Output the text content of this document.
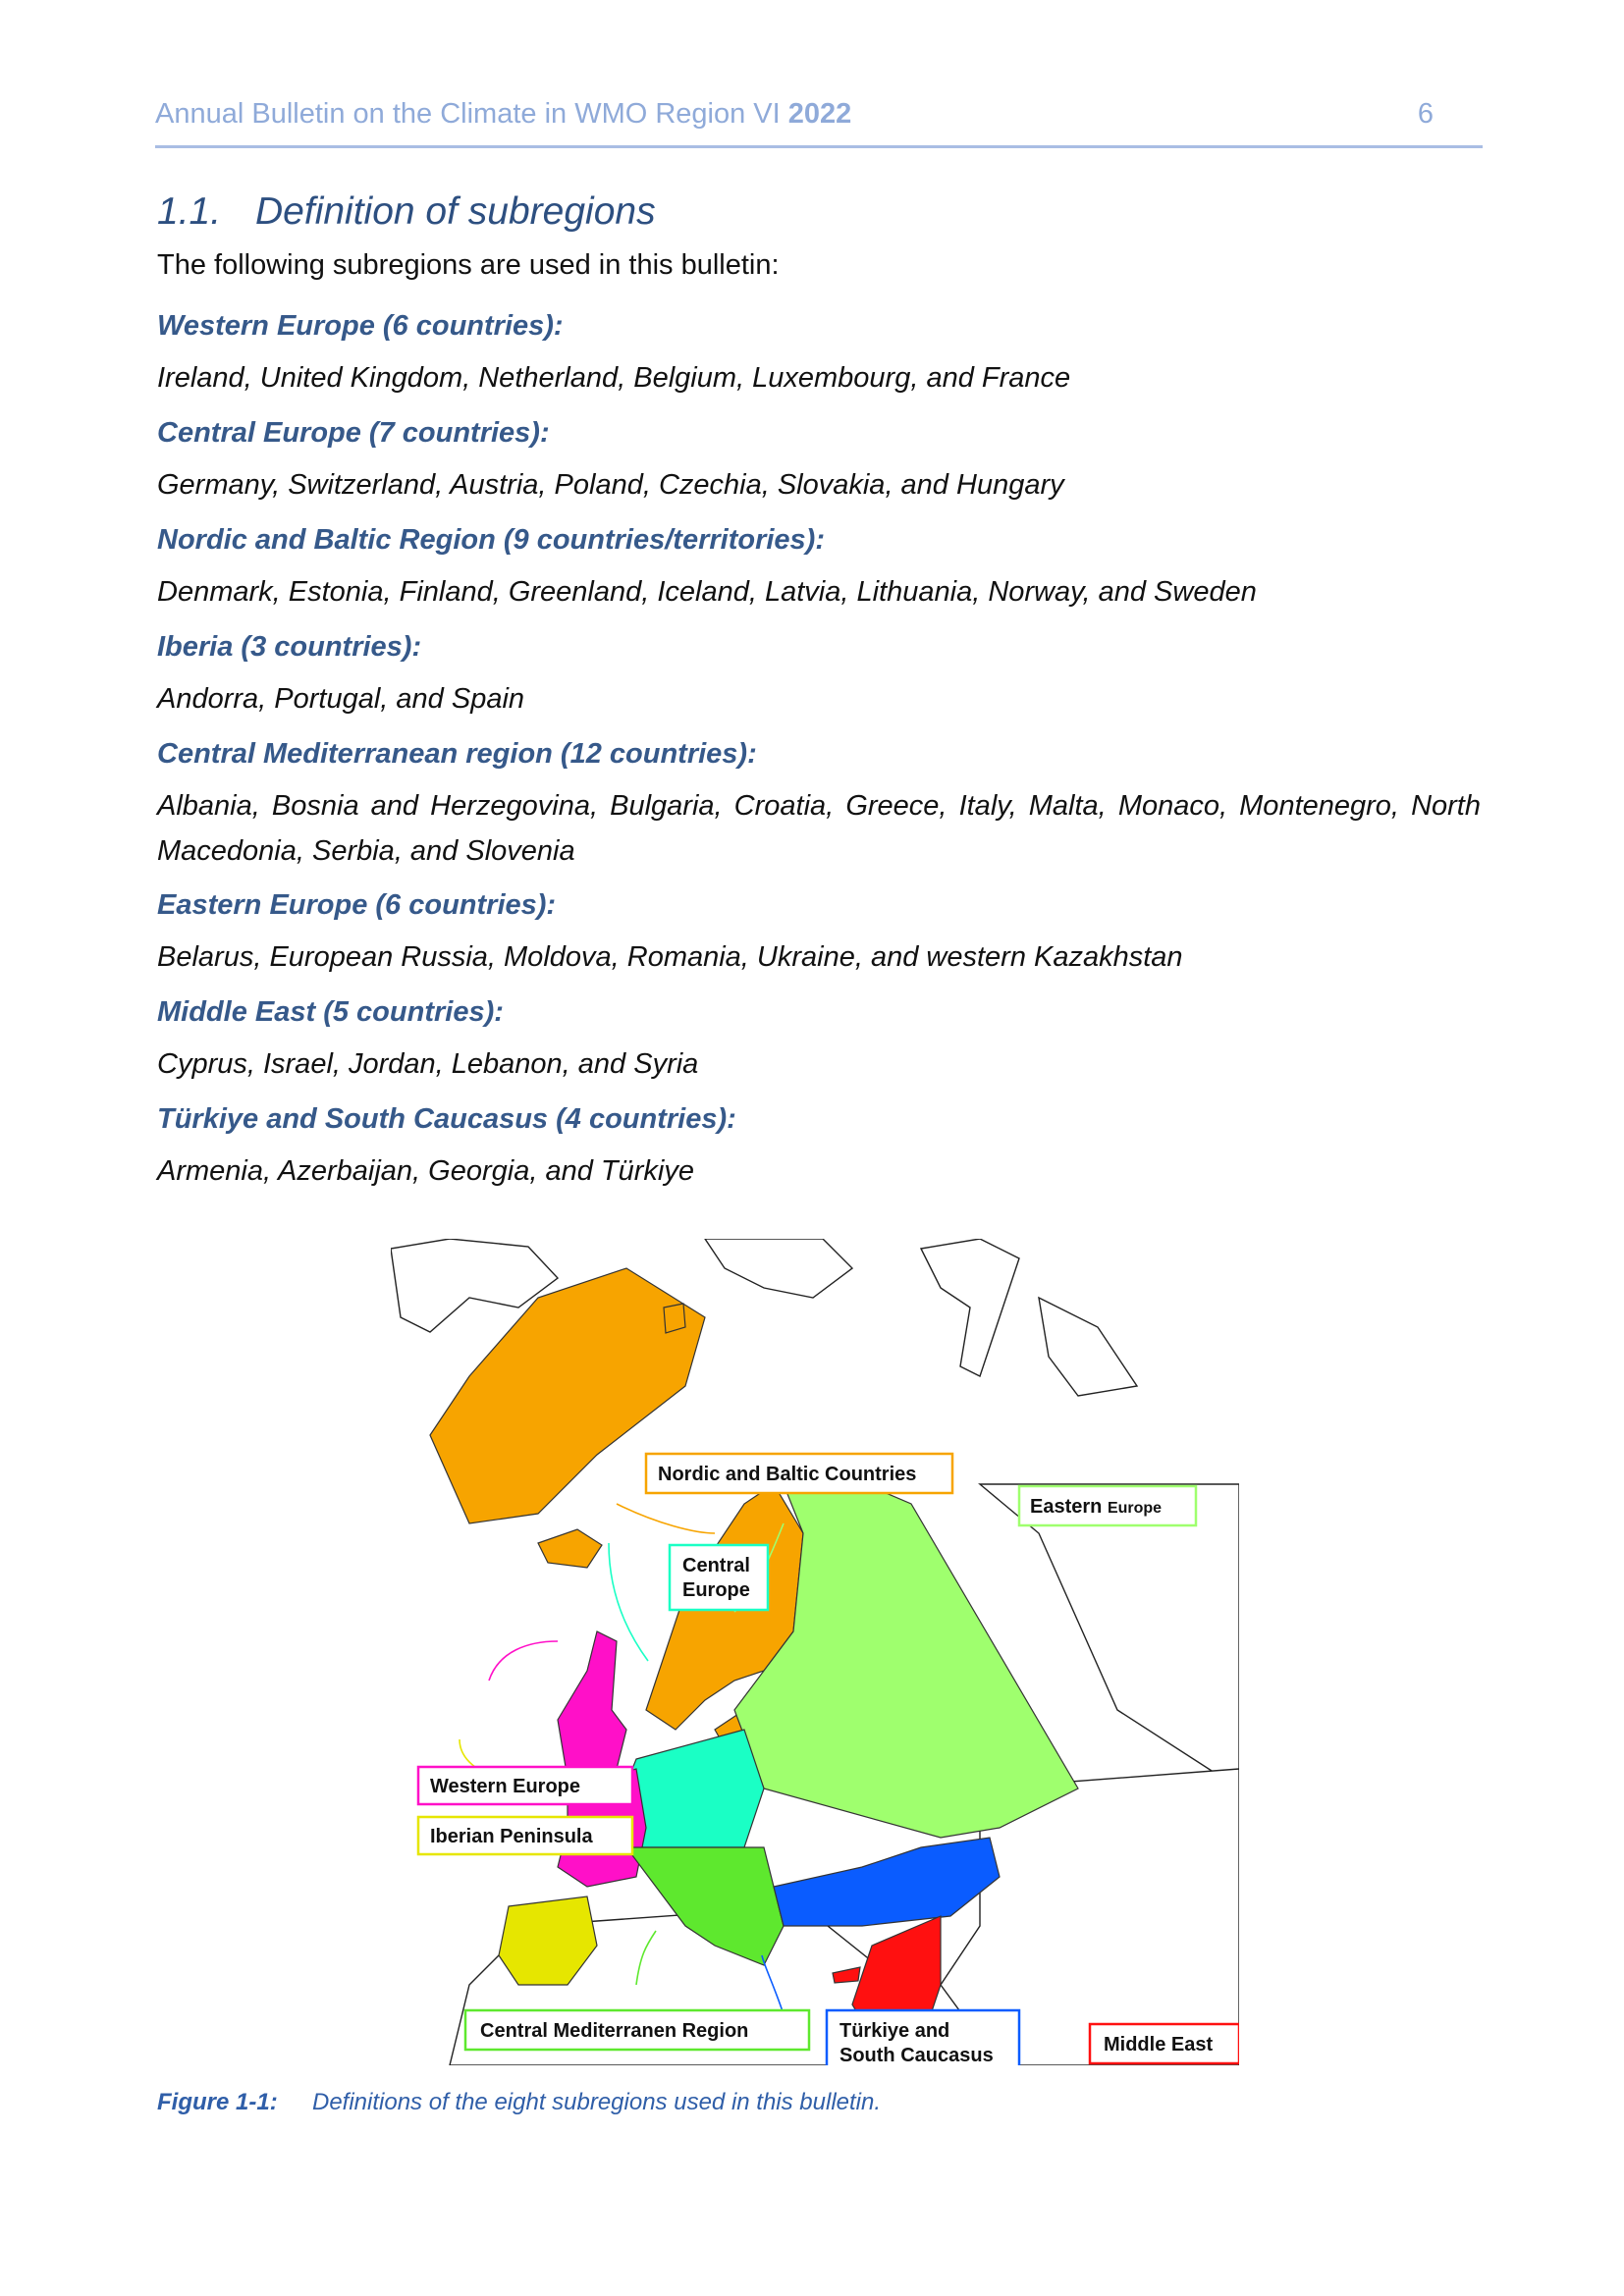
Annual Bulletin on the Climate in WMO Region VI 2022	6
1.1. Definition of subregions
The following subregions are used in this bulletin:
Western Europe (6 countries):
Ireland, United Kingdom, Netherland, Belgium, Luxembourg, and France
Central Europe (7 countries):
Germany, Switzerland, Austria, Poland, Czechia, Slovakia, and Hungary
Nordic and Baltic Region (9 countries/territories):
Denmark, Estonia, Finland, Greenland, Iceland, Latvia, Lithuania, Norway, and Sweden
Iberia (3 countries):
Andorra, Portugal, and Spain
Central Mediterranean region (12 countries):
Albania, Bosnia and Herzegovina, Bulgaria, Croatia, Greece, Italy, Malta, Monaco, Montenegro, North Macedonia, Serbia, and Slovenia
Eastern Europe (6 countries):
Belarus, European Russia, Moldova, Romania, Ukraine, and western Kazakhstan
Middle East (5 countries):
Cyprus, Israel, Jordan, Lebanon, and Syria
Türkiye and South Caucasus (4 countries):
Armenia, Azerbaijan, Georgia, and Türkiye
Nordic and Baltic Countries
Eastern Europe
Central
Europe
Western Europe
Iberian Peninsula
Central Mediterranen Region	Türkiye and
South Caucasus	Middle East
Figure 1-1: Definitions of the eight subregions used in this bulletin.
